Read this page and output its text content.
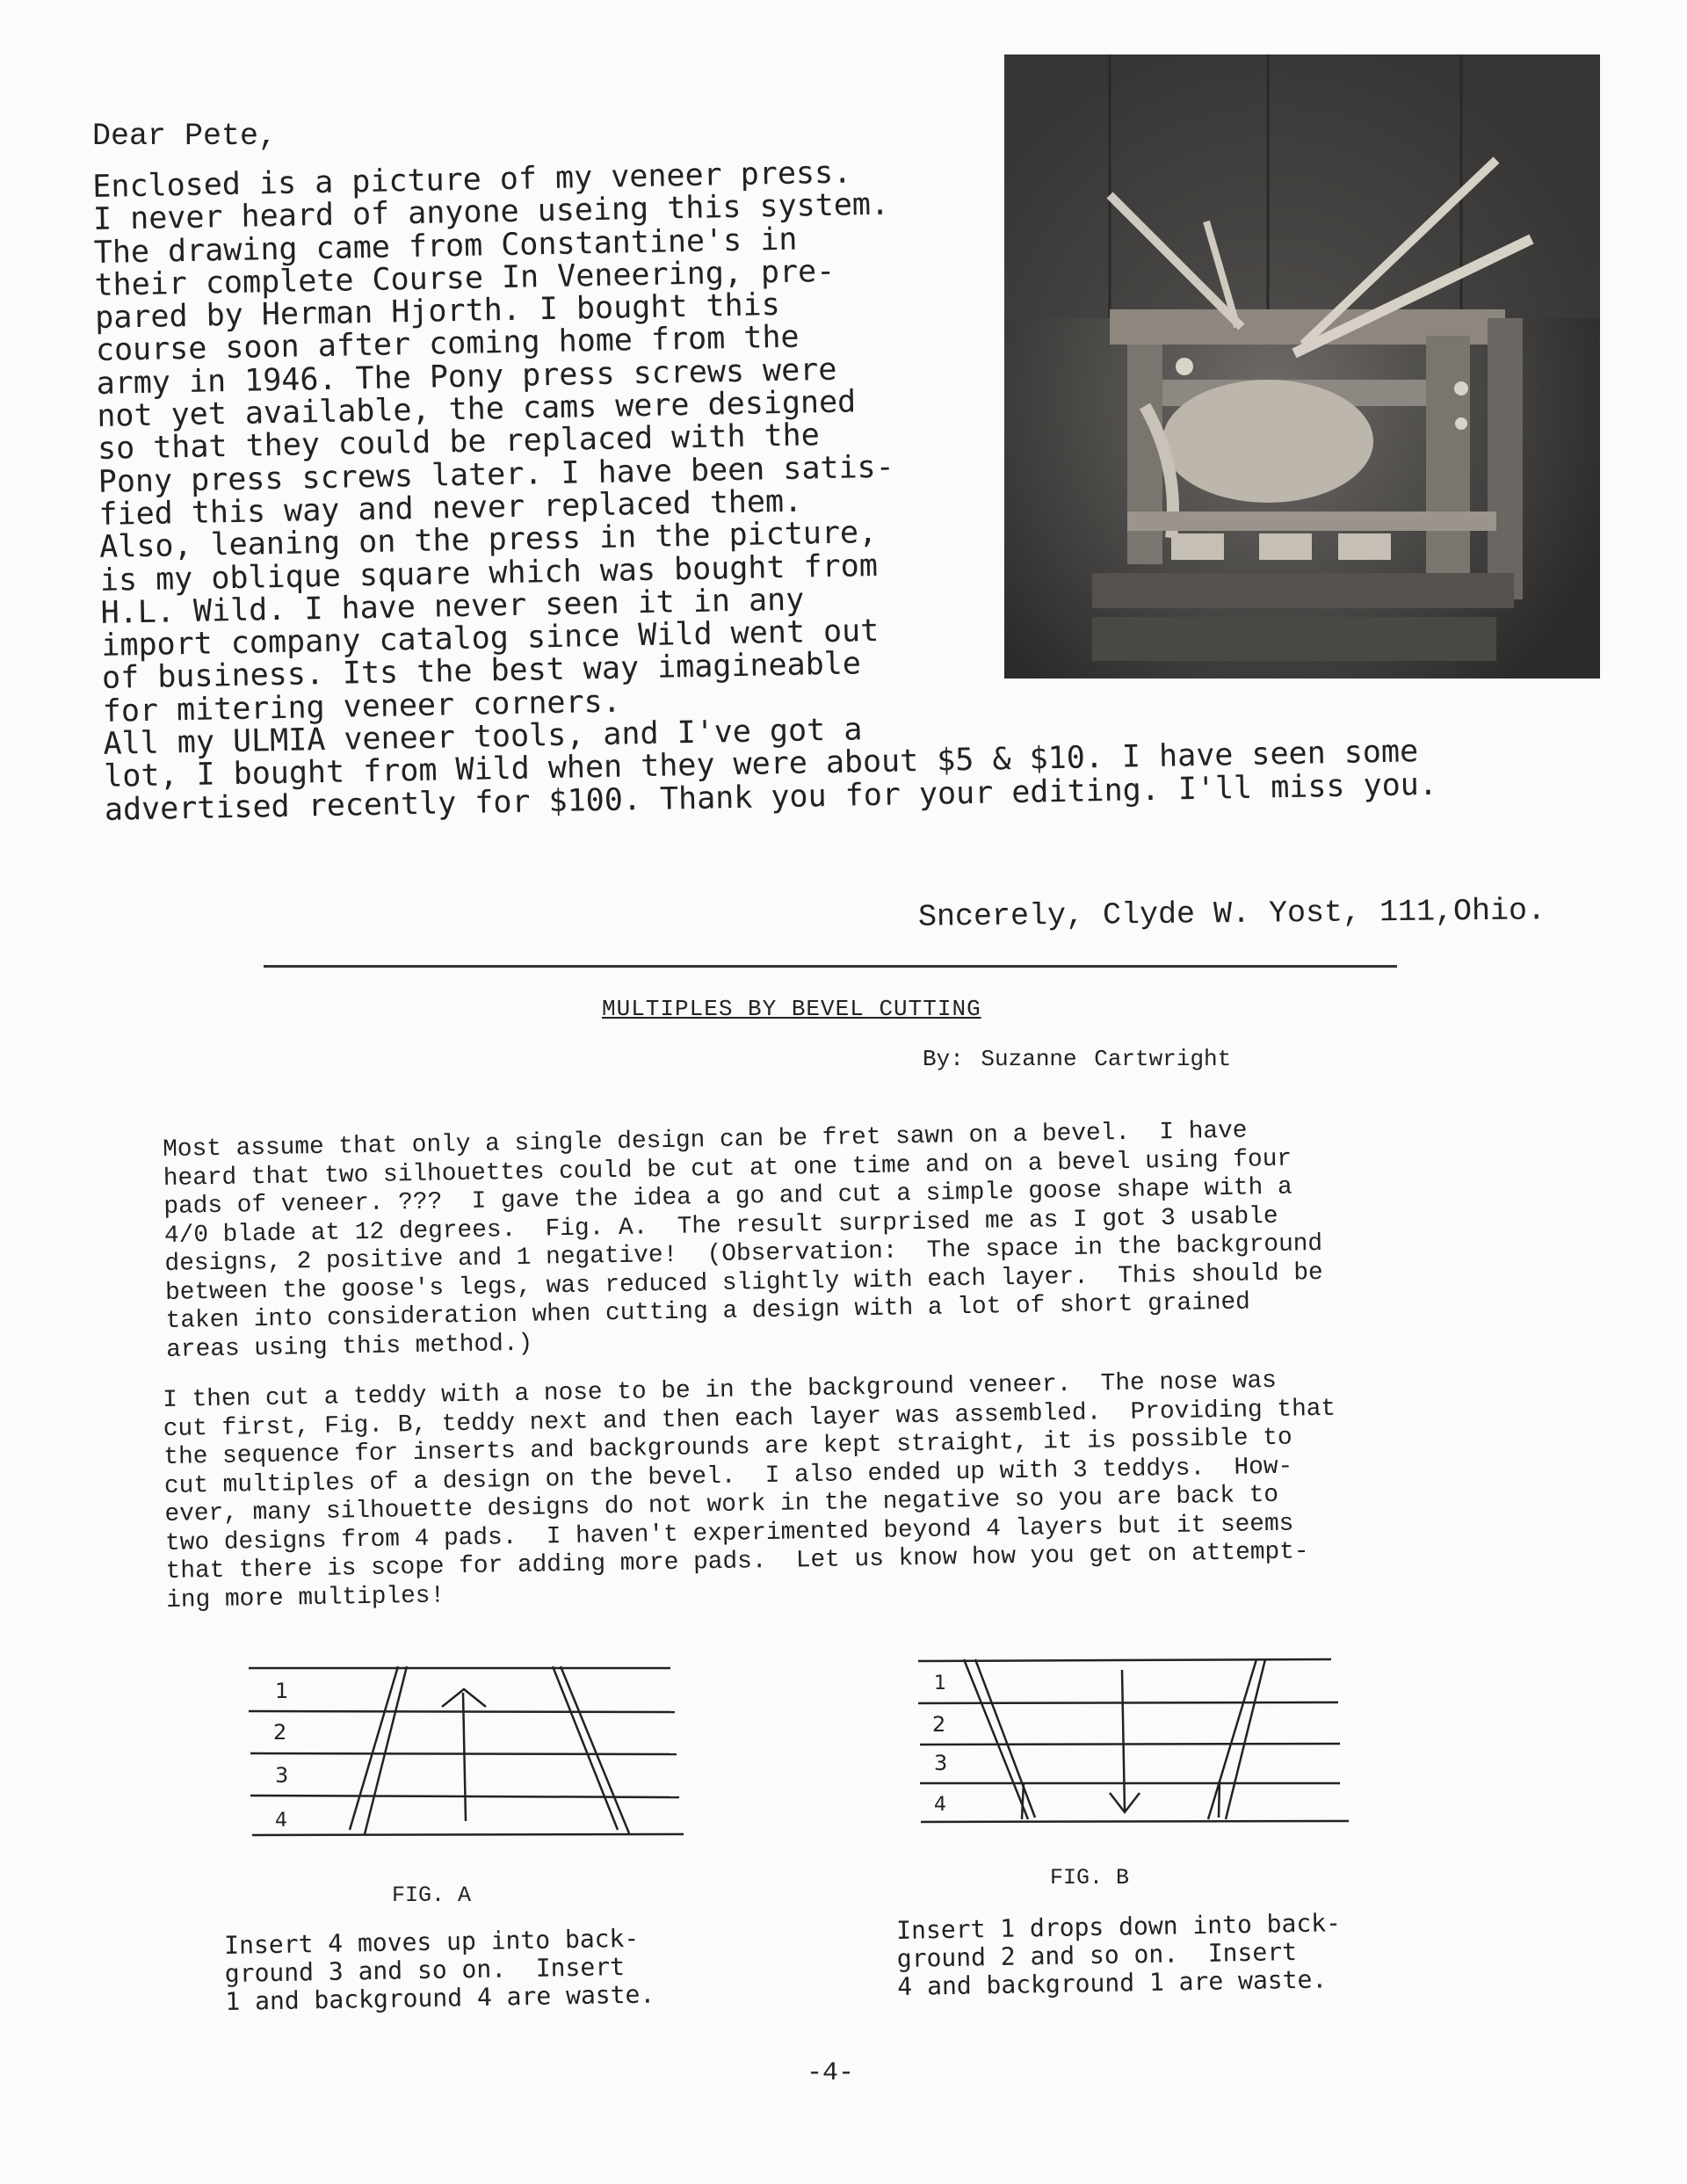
Dear Pete,
Enclosed is a picture of my veneer press.
I never heard of anyone useing this system.
The drawing came from Constantine's in
their complete Course In Veneering, pre-
pared by Herman Hjorth. I bought this
course soon after coming home from the
army in 1946. The Pony press screws were
not yet available, the cams were designed
so that they could be replaced with the
Pony press screws later. I have been satis-
fied this way and never replaced them.
Also, leaning on the press in the picture,
is my oblique square which was bought from
H.L. Wild. I have never seen it in any
import company catalog since Wild went out
of business. Its the best way imagineable
for mitering veneer corners.
All my ULMIA veneer tools, and I've got a
lot, I bought from Wild when they were about $5 & $10. I have seen some
advertised recently for $100. Thank you for your editing. I'll miss you.
Sncerely, Clyde W. Yost, 111,Ohio.
MULTIPLES BY BEVEL CUTTING
By: Suzanne Cartwright
Most assume that only a single design can be fret sawn on a bevel.  I have
heard that two silhouettes could be cut at one time and on a bevel using four
pads of veneer. ???  I gave the idea a go and cut a simple goose shape with a
4/0 blade at 12 degrees.  Fig. A.  The result surprised me as I got 3 usable
designs, 2 positive and 1 negative!  (Observation:  The space in the background
between the goose's legs, was reduced slightly with each layer.  This should be
taken into consideration when cutting a design with a lot of short grained
areas using this method.)
I then cut a teddy with a nose to be in the background veneer.  The nose was
cut first, Fig. B, teddy next and then each layer was assembled.  Providing that
the sequence for inserts and backgrounds are kept straight, it is possible to
cut multiples of a design on the bevel.  I also ended up with 3 teddys.  How-
ever, many silhouette designs do not work in the negative so you are back to
two designs from 4 pads.  I haven't experimented beyond 4 layers but it seems
that there is scope for adding more pads.  Let us know how you get on attempt-
ing more multiples!
1
2
3
4
FIG. A
Insert 4 moves up into back-
ground 3 and so on.  Insert
1 and background 4 are waste.
1
2
3
4
FIG. B
Insert 1 drops down into back-
ground 2 and so on.  Insert
4 and background 1 are waste.
-4-
